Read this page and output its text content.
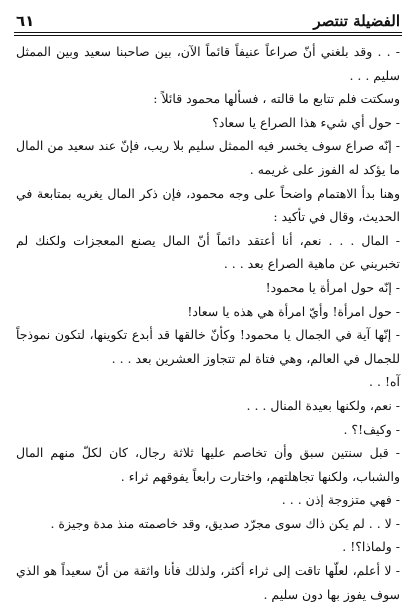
الفضيلة تنتصر
٦١

- . . وقد بلغني أنّ صراعاً عنيفاً قائماً الآن، بين صاحبنا سعيد وبين الممثل سليم . . .

وسكتت فلم تتابع ما قالته ، فسألها محمود قائلاً :

- حول أي شيء هذا الصراع يا سعاد؟

- إنّه صراع سوف يخسر فيه الممثل سليم بلا ريب، فإنّ عند سعيد من المال ما يؤكد له الفوز على غريمه .

وهنا بدأ الاهتمام واضحاً على وجه محمود، فإن ذكر المال يغريه بمتابعة في الحديث، وقال في تأكيد :

- المال . . . نعم، أنا أعتقد دائماً أنّ المال يصنع المعجزات ولكنك لم تخبريني عن ماهية الصراع بعد . . .

- إنّه حول امرأة يا محمود!

- حول امرأة! وأيّ امرأة هي هذه يا سعاد!

- إنّها آية في الجمال يا محمود! وكأنّ خالقها قد أبدع تكوينها، لتكون نموذجاً للجمال في العالم، وهي فتاة لم تتجاوز العشرين بعد . . .

آه! . .

- نعم، ولكنها بعيدة المنال . . .

- وكيف!؟ .

- قبل سنتين سبق وأن تخاصم عليها ثلاثة رجال، كان لكلّ منهم المال والشباب، ولكنها تجاهلتهم، واختارت رابعاً يفوقهم ثراء .

- فهي متزوجة إذن . . .

- لا . . لم يكن ذاك سوى مجرّد صديق، وقد خاصمته منذ مدة وجيزة .

- ولماذا؟! .

- لا أعلم، لعلّها تاقت إلى ثراء أكثر، ولذلك فأنا واثقة من أنّ سعيداً هو الذي سوف يفوز بها دون سليم .
